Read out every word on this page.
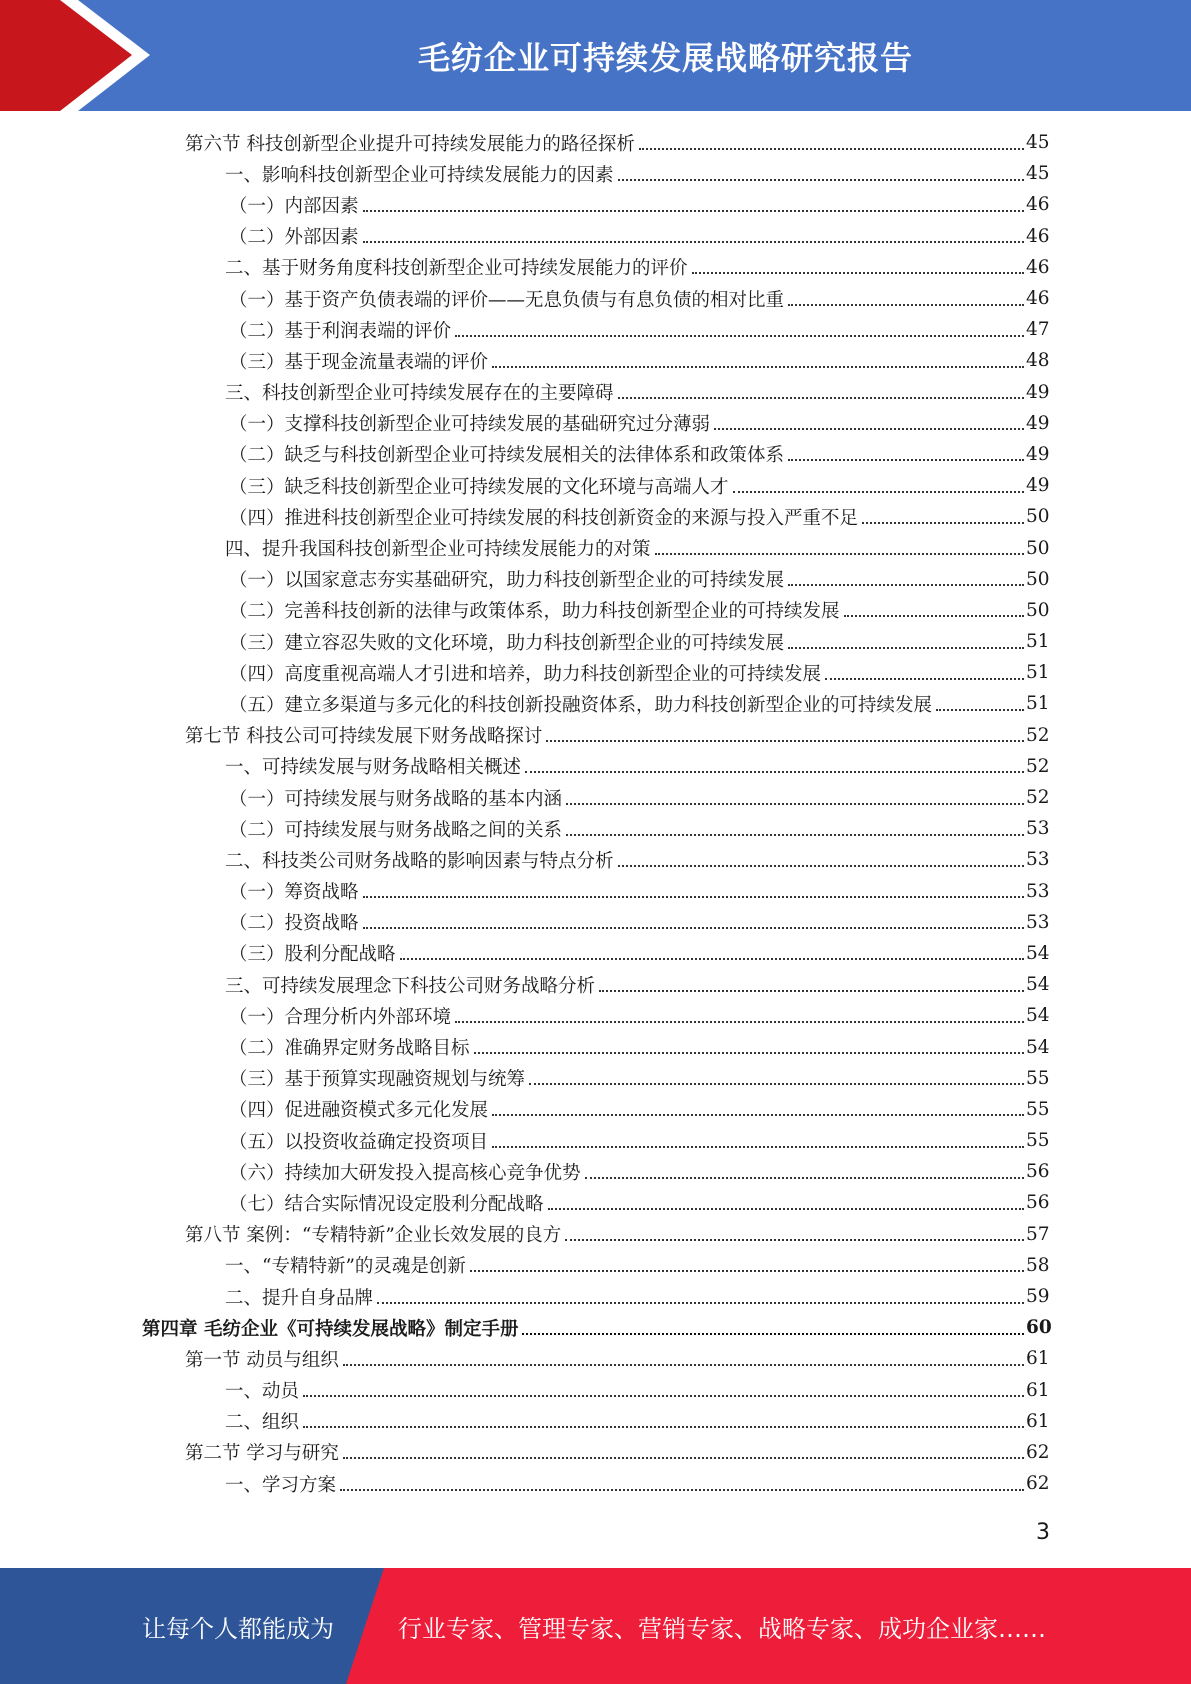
毛纺企业可持续发展战略研究报告
第六节 科技创新型企业提升可持续发展能力的路径探析	45
一、影响科技创新型企业可持续发展能力的因素	45
（一）内部因素	46
（二）外部因素	46
二、基于财务角度科技创新型企业可持续发展能力的评价	46
（一）基于资产负债表端的评价——无息负债与有息负债的相对比重	46
（二）基于利润表端的评价	47
（三）基于现金流量表端的评价	48
三、科技创新型企业可持续发展存在的主要障碍	49
（一）支撑科技创新型企业可持续发展的基础研究过分薄弱	49
（二）缺乏与科技创新型企业可持续发展相关的法律体系和政策体系	49
（三）缺乏科技创新型企业可持续发展的文化环境与高端人才	49
（四）推进科技创新型企业可持续发展的科技创新资金的来源与投入严重不足	50
四、提升我国科技创新型企业可持续发展能力的对策	50
（一）以国家意志夯实基础研究，助力科技创新型企业的可持续发展	50
（二）完善科技创新的法律与政策体系，助力科技创新型企业的可持续发展	50
（三）建立容忍失败的文化环境，助力科技创新型企业的可持续发展	51
（四）高度重视高端人才引进和培养，助力科技创新型企业的可持续发展	51
（五）建立多渠道与多元化的科技创新投融资体系，助力科技创新型企业的可持续发展	51
第七节 科技公司可持续发展下财务战略探讨	52
一、可持续发展与财务战略相关概述	52
（一）可持续发展与财务战略的基本内涵	52
（二）可持续发展与财务战略之间的关系	53
二、科技类公司财务战略的影响因素与特点分析	53
（一）筹资战略	53
（二）投资战略	53
（三）股利分配战略	54
三、可持续发展理念下科技公司财务战略分析	54
（一）合理分析内外部环境	54
（二）准确界定财务战略目标	54
（三）基于预算实现融资规划与统筹	55
（四）促进融资模式多元化发展	55
（五）以投资收益确定投资项目	55
（六）持续加大研发投入提高核心竞争优势	56
（七）结合实际情况设定股利分配战略	56
第八节 案例：“专精特新”企业长效发展的良方	57
一、“专精特新”的灵魂是创新	58
二、提升自身品牌	59
第四章 毛纺企业《可持续发展战略》制定手册	60
第一节 动员与组织	61
一、动员	61
二、组织	61
第二节 学习与研究	62
一、学习方案	62
3
让每个人都能成为	行业专家、管理专家、营销专家、战略专家、成功企业家……
